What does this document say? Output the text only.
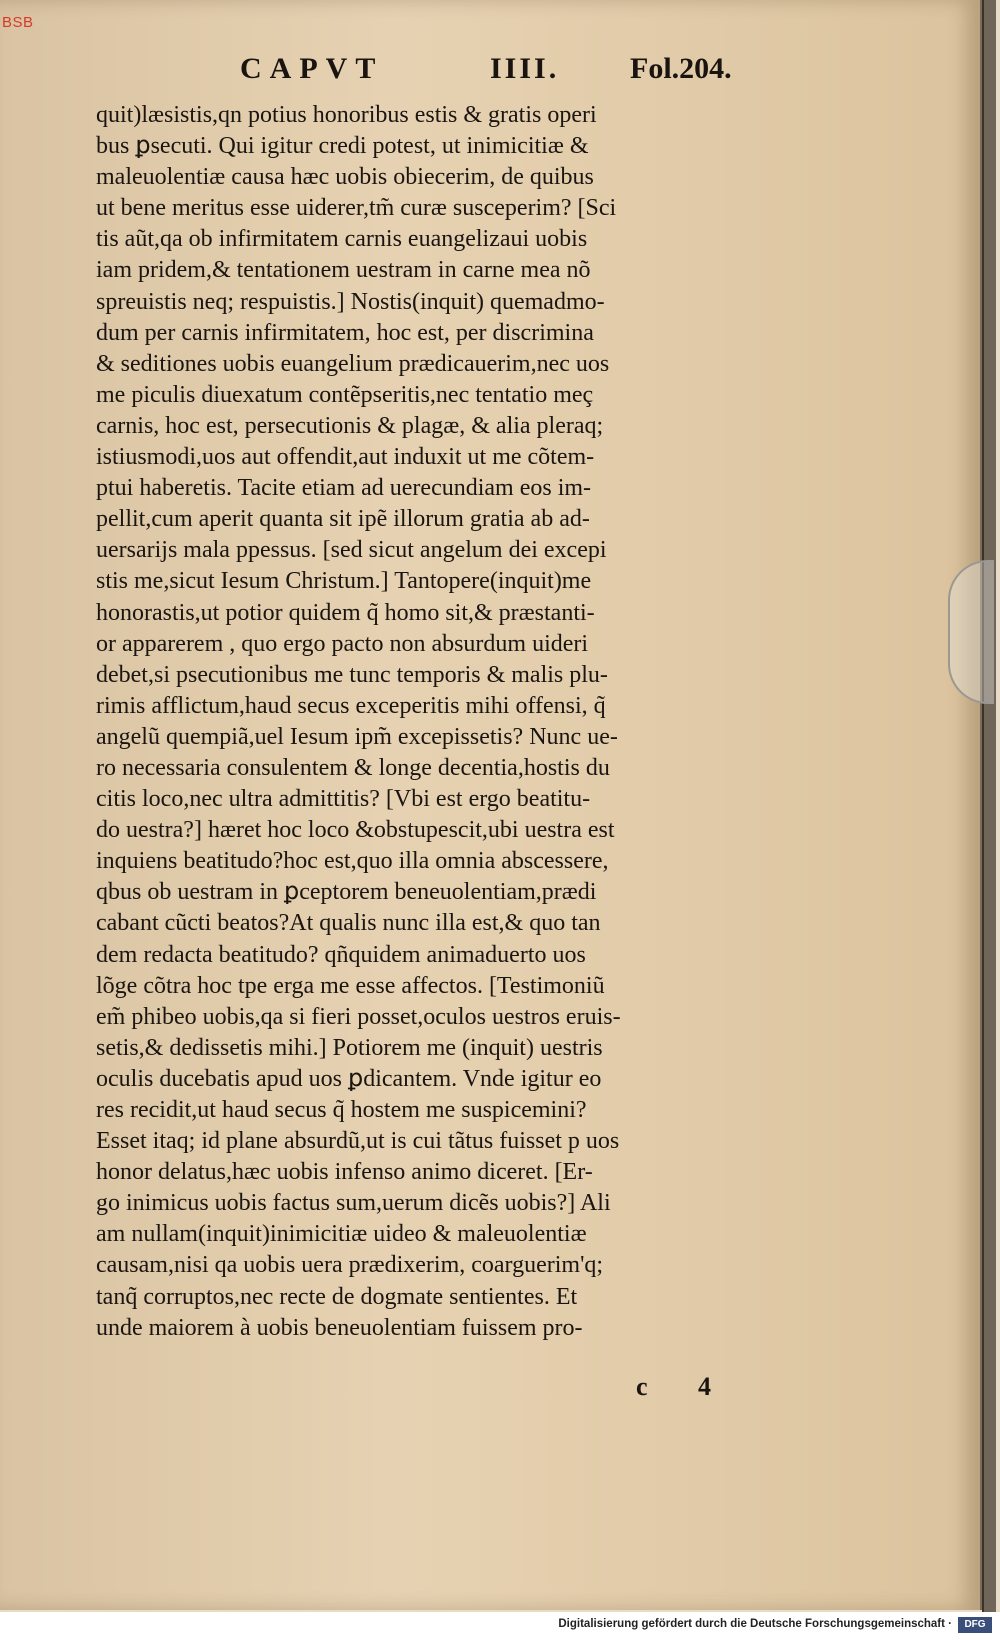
BSB
CAPVT	IIII. Fol.204.
quit)læsistis,qn potius honoribus estis & gratis operi
bus ꝑsecuti. Qui igitur credi potest, ut inimicitiæ &
maleuolentiæ causa hæc uobis obiecerim, de quibus
ut bene meritus esse uiderer,tm̃ curæ susceperim? [Sci
tis aũt,qa ob infirmitatem carnis euangelizaui uobis
iam pridem,& tentationem uestram in carne mea nõ
spreuistis neq; respuistis.] Nostis(inquit) quemadmo-
dum per carnis infirmitatem, hoc est, per discrimina
& seditiones uobis euangelium prædicauerim,nec uos
me piculis diuexatum contẽpseritis,nec tentatio meç
carnis, hoc est, persecutionis & plagæ, & alia pleraq;
istiusmodi,uos aut offendit,aut induxit ut me cõtem-
ptui haberetis. Tacite etiam ad uerecundiam eos im-
pellit,cum aperit quanta sit ipẽ illorum gratia ab ad-
uersarijs mala ppessus. [sed sicut angelum dei excepi
stis me,sicut Iesum Christum.] Tantopere(inquit)me
honorastis,ut potior quidem q̃ homo sit,& præstanti-
or apparerem , quo ergo pacto non absurdum uideri
debet,si psecutionibus me tunc temporis & malis plu-
rimis afflictum,haud secus exceperitis mihi offensi, q̃
angelũ quempiã,uel Iesum ipm̃ excepissetis? Nunc ue-
ro necessaria consulentem & longe decentia,hostis du
citis loco,nec ultra admittitis? [Vbi est ergo beatitu-
do uestra?] hæret hoc loco &obstupescit,ubi uestra est
inquiens beatitudo?hoc est,quo illa omnia abscessere,
qbus ob uestram in ꝑceptorem beneuolentiam,prædi
cabant cũcti beatos?At qualis nunc illa est,& quo tan
dem redacta beatitudo? qñquidem animaduerto uos
lõge cõtra hoc tpe erga me esse affectos. [Testimoniũ
em̃ phibeo uobis,qa si fieri posset,oculos uestros eruis-
setis,& dedissetis mihi.] Potiorem me (inquit) uestris
oculis ducebatis apud uos ꝑdicantem. Vnde igitur eo
res recidit,ut haud secus q̃ hostem me suspicemini?
Esset itaq; id plane absurdũ,ut is cui tãtus fuisset p uos
honor delatus,hæc uobis infenso animo diceret. [Er-
go inimicus uobis factus sum,uerum dicẽs uobis?] Ali
am nullam(inquit)inimicitiæ uideo & maleuolentiæ
causam,nisi qa uobis uera prædixerim, coarguerim'q;
tanq̃ corruptos,nec recte de dogmate sentientes. Et
unde maiorem à uobis beneuolentiam fuissem pro-
c 4
Digitalisierung gefördert durch die Deutsche Forschungsgemeinschaft ·	DFG
